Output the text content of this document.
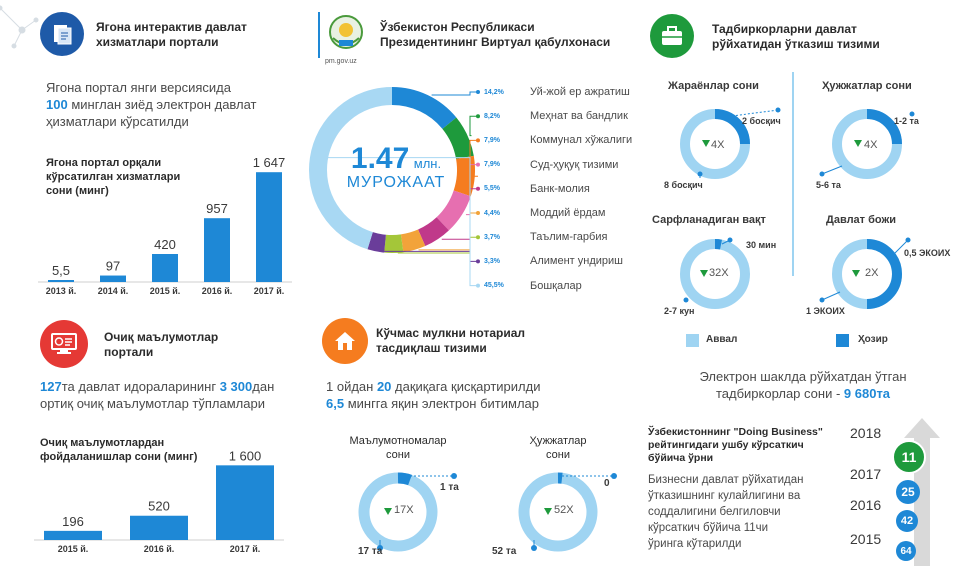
Ягона интерактив давлат
хизматлари портали
Ягона портал янги версиясида
100 минглан зиёд электрон давлат
ҳизматлари кўрсатилди
Ягона портал орқали
кўрсатилган хизматлари
сони (минг)
5,5
2013 й.
97
2014 й.
420
2015 й.
957
2016 й.
1 647
2017 й.
Очиқ маълумотлар
портали
127та давлат идораларининг 3 300дан
ортиқ очиқ маълумотлар тўпламлари
Очиқ маълумотлардан
фойдаланишлар сони (минг)
196
2015 й.
520
2016 й.
1 600
2017 й.
pm.gov.uz
Ўзбекистон Республикаси
Президентининг Виртуал қабулхонаси
1.47 млн.
МУРОЖААТ
14,2%	Уй-жой ер ажратиш
8,2%	Меҳнат ва бандлик
7,9%	Коммунал хўжалиги
7,9%	Суд-ҳуқуқ тизими
5,5%	Банк-молия
4,4%	Моддий ёрдам
3,7%	Таълим-гарбия
3,3%	Алимент ундириш
45,5%	Бошқалар
Кўчмас мулкни нотариал
тасдиқлаш тизими
1 ойдан 20 дақиқага қисқартирилди
6,5 мингга яқин электрон битимлар
Маълумотномалар
сони
Ҳужжатлар
сони
17X
17 та
1 та
52X
52 та
0
Тадбиркорларни давлат
рўйхатидан ўтказиш тизими
Жараёнлар сони	Ҳужжатлар сони
Сарфланадиган вақт	Давлат божи
4X
8 босқич
2 босқич
4X
5-6 та
1-2 та
32X
2-7 кун
30 мин
2X
1 ЭКОИХ
0,5 ЭКОИХ
Аввал	Ҳозир
Электрон шаклда рўйхатдан ўтган
тадбиркорлар сони - 9 680та
Ўзбекистоннинг "Doing Business"
рейтингидаги ушбу кўрсаткич
бўйича ўрни
Бизнесни давлат рўйхатидан
ўтказишнинг кулайлигини ва
соддалигини белгиловчи
кўрсаткич бўйича 11чи
ўринга кўтарилди
2018
2017
2016
2015
11
25
42
64
